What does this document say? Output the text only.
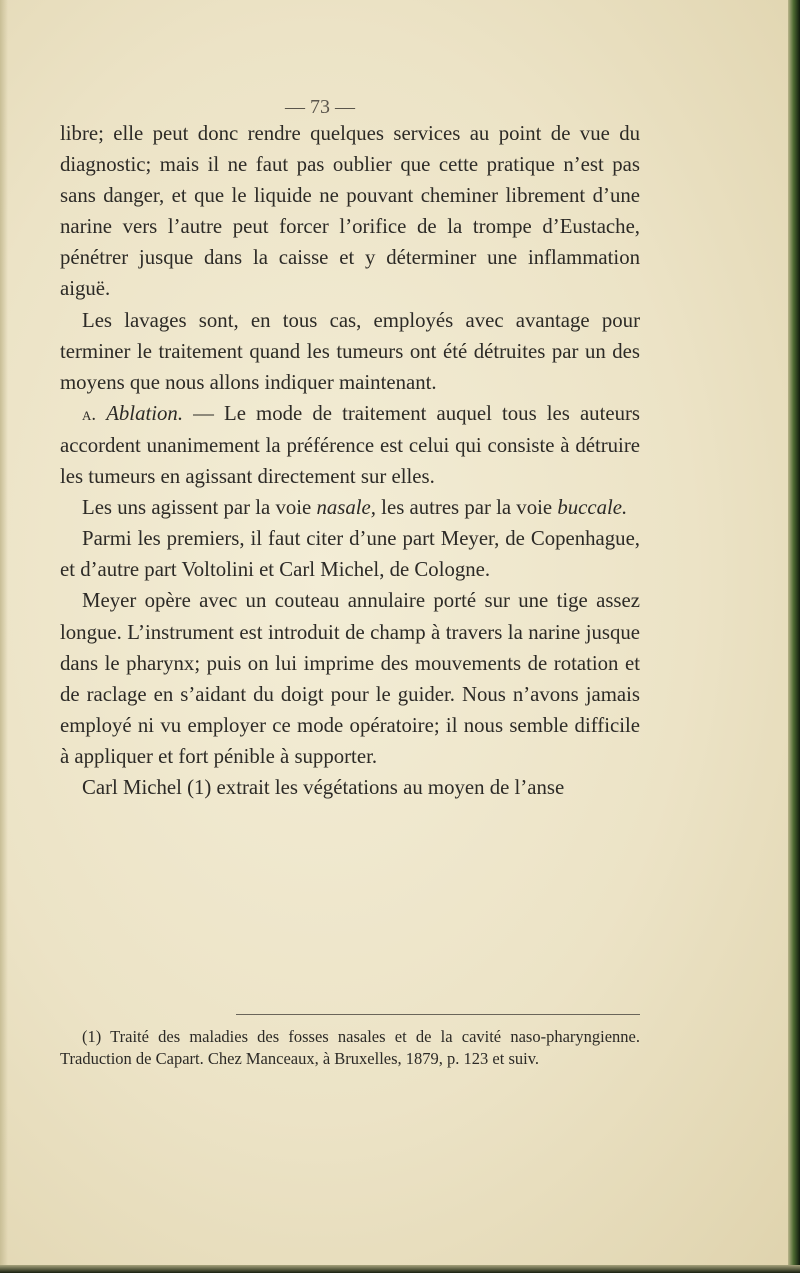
— 73 —

libre; elle peut donc rendre quelques services au point de vue du diagnostic; mais il ne faut pas oublier que cette pratique n’est pas sans danger, et que le liquide ne pouvant cheminer librement d’une narine vers l’autre peut forcer l’orifice de la trompe d’Eustache, pénétrer jusque dans la caisse et y déterminer une inflammation aiguë.

Les lavages sont, en tous cas, employés avec avantage pour terminer le traitement quand les tumeurs ont été détruites par un des moyens que nous allons indiquer maintenant.

a. Ablation. — Le mode de traitement auquel tous les auteurs accordent unanimement la préférence est celui qui consiste à détruire les tumeurs en agissant directement sur elles.

Les uns agissent par la voie nasale, les autres par la voie buccale.

Parmi les premiers, il faut citer d’une part Meyer, de Copenhague, et d’autre part Voltolini et Carl Michel, de Cologne.

Meyer opère avec un couteau annulaire porté sur une tige assez longue. L’instrument est introduit de champ à travers la narine jusque dans le pharynx; puis on lui imprime des mouvements de rotation et de raclage en s’aidant du doigt pour le guider. Nous n’avons jamais employé ni vu employer ce mode opératoire; il nous semble difficile à appliquer et fort pénible à supporter.

Carl Michel (1) extrait les végétations au moyen de l’anse

(1) Traité des maladies des fosses nasales et de la cavité naso-pharyngienne. Traduction de Capart. Chez Manceaux, à Bruxelles, 1879, p. 123 et suiv.
